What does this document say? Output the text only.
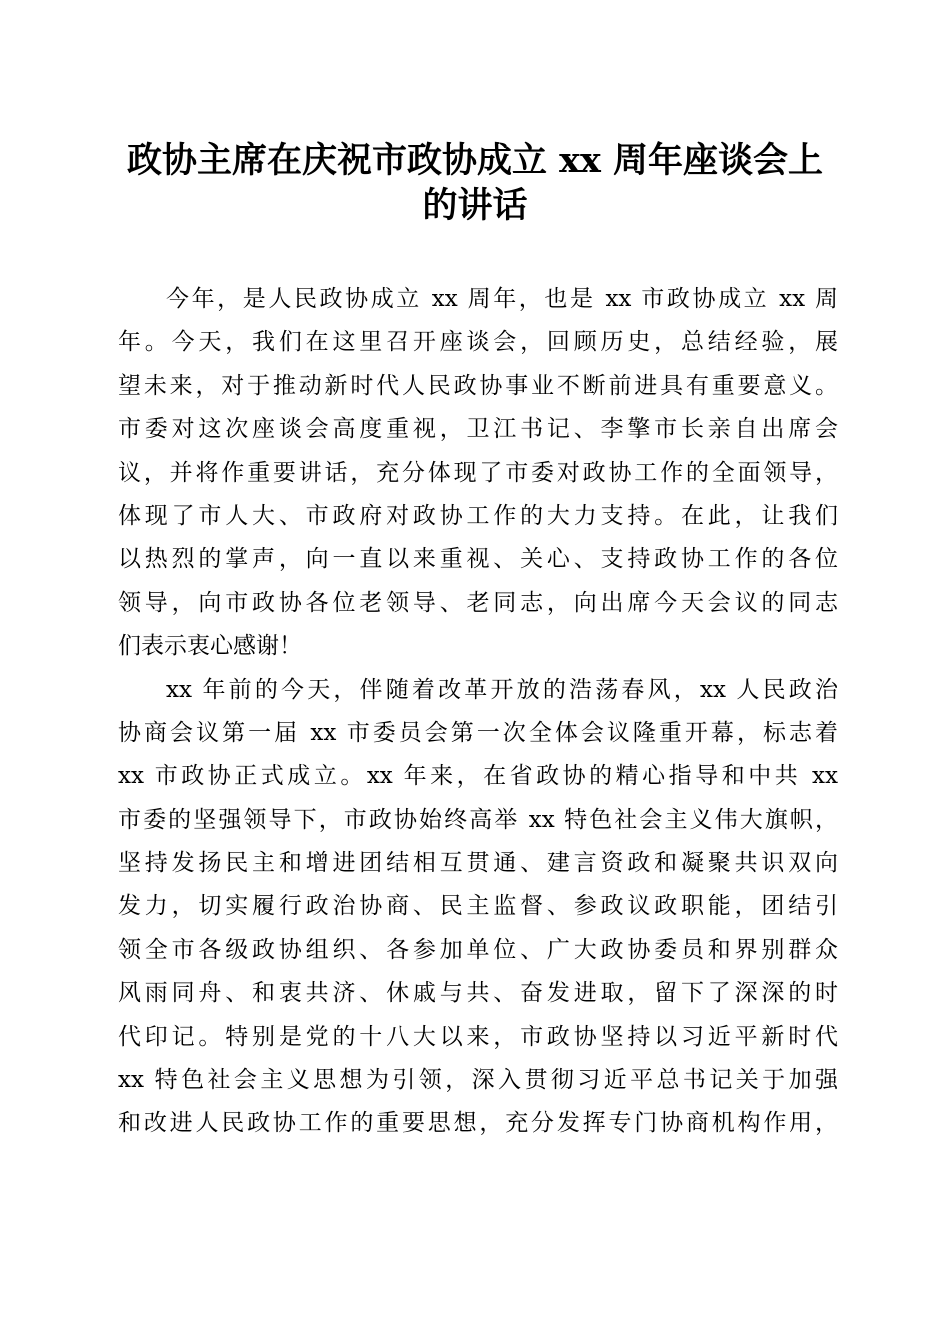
政协主席在庆祝市政协成立 xx 周年座谈会上
的讲话
今年，是人民政协成立 xx 周年，也是 xx 市政协成立 xx 周
年。今天，我们在这里召开座谈会，回顾历史，总结经验，展
望未来，对于推动新时代人民政协事业不断前进具有重要意义。
市委对这次座谈会高度重视，卫江书记、李擎市长亲自出席会
议，并将作重要讲话，充分体现了市委对政协工作的全面领导，
体现了市人大、市政府对政协工作的大力支持。在此，让我们
以热烈的掌声，向一直以来重视、关心、支持政协工作的各位
领导，向市政协各位老领导、老同志，向出席今天会议的同志
们表示衷心感谢！
xx 年前的今天，伴随着改革开放的浩荡春风，xx 人民政治
协商会议第一届 xx 市委员会第一次全体会议隆重开幕，标志着
xx 市政协正式成立。xx 年来，在省政协的精心指导和中共 xx
市委的坚强领导下，市政协始终高举 xx 特色社会主义伟大旗帜，
坚持发扬民主和增进团结相互贯通、建言资政和凝聚共识双向
发力，切实履行政治协商、民主监督、参政议政职能，团结引
领全市各级政协组织、各参加单位、广大政协委员和界别群众
风雨同舟、和衷共济、休戚与共、奋发进取，留下了深深的时
代印记。特别是党的十八大以来，市政协坚持以习近平新时代
xx 特色社会主义思想为引领，深入贯彻习近平总书记关于加强
和改进人民政协工作的重要思想，充分发挥专门协商机构作用，
